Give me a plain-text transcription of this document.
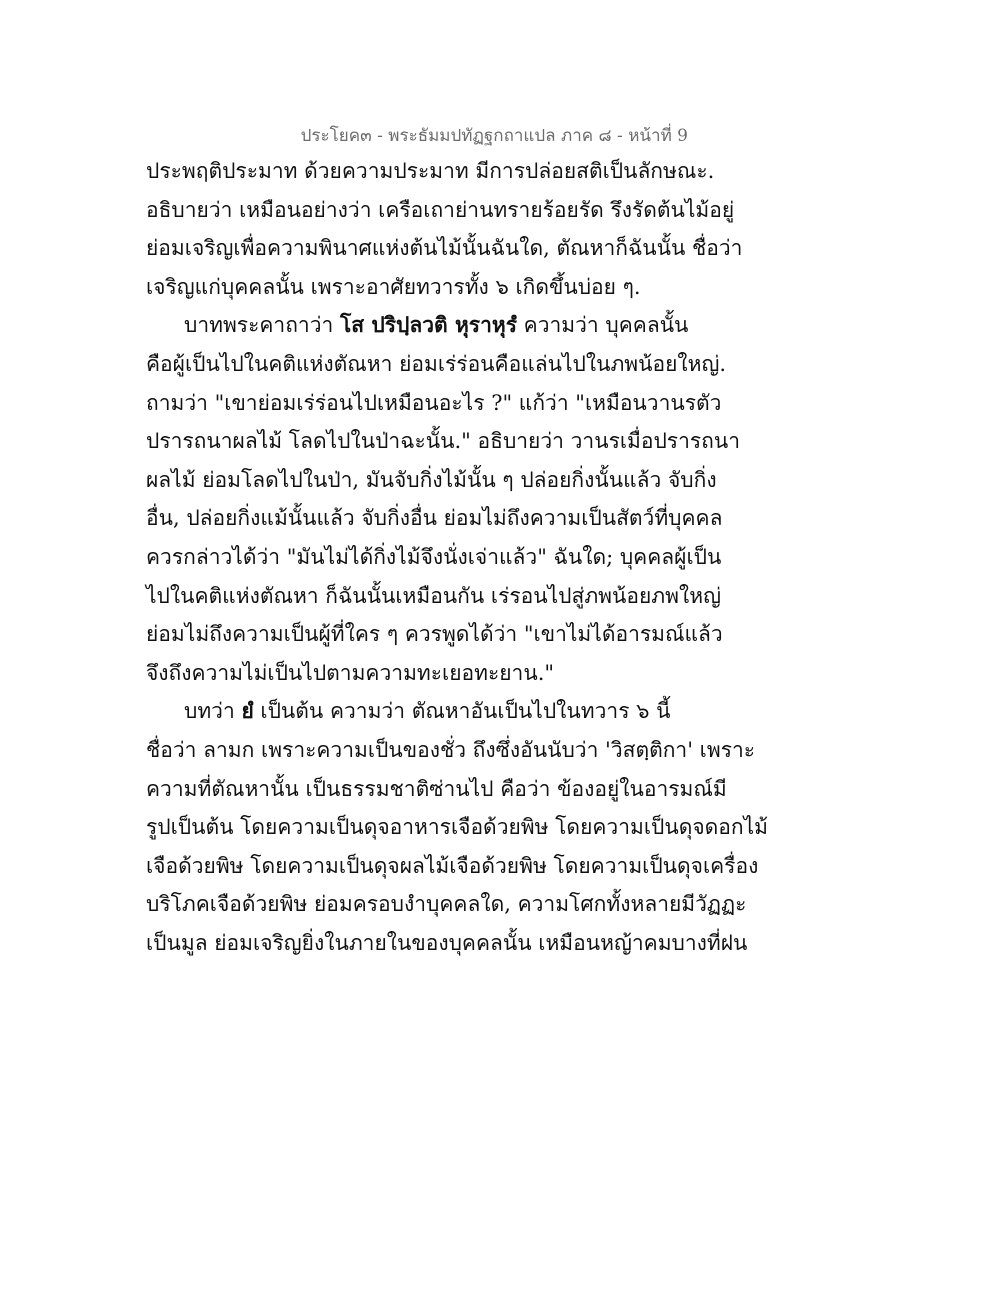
ประโยค๓ - พระธัมมปทัฏฐกถาแปล ภาค ๘ - หน้าที่ 9
ประพฤติประมาท ด้วยความประมาท มีการปล่อยสติเป็นลักษณะ.
อธิบายว่า เหมือนอย่างว่า เครือเถาย่านทรายร้อยรัด รึงรัดต้นไม้อยู่
ย่อมเจริญเพื่อความพินาศแห่งต้นไม้นั้นฉันใด, ตัณหาก็ฉันนั้น ชื่อว่า
เจริญแก่บุคคลนั้น เพราะอาศัยทวารทั้ง ๖ เกิดขึ้นบ่อย ๆ.
บาทพระคาถาว่า โส ปริปฺลวติ หุราหุรํ ความว่า บุคคลนั้น
คือผู้เป็นไปในคติแห่งตัณหา ย่อมเร่ร่อนคือแล่นไปในภพน้อยใหญ่.
ถามว่า "เขาย่อมเร่ร่อนไปเหมือนอะไร ?" แก้ว่า "เหมือนวานรตัว
ปรารถนาผลไม้ โลดไปในป่าฉะนั้น." อธิบายว่า วานรเมื่อปรารถนา
ผลไม้ ย่อมโลดไปในป่า, มันจับกิ่งไม้นั้น ๆ ปล่อยกิ่งนั้นแล้ว จับกิ่ง
อื่น, ปล่อยกิ่งแม้นั้นแล้ว จับกิ่งอื่น ย่อมไม่ถึงความเป็นสัตว์ที่บุคคล
ควรกล่าวได้ว่า "มันไม่ได้กิ่งไม้จึงนั่งเจ่าแล้ว" ฉันใด; บุคคลผู้เป็น
ไปในคติแห่งตัณหา ก็ฉันนั้นเหมือนกัน เร่รอนไปสู่ภพน้อยภพใหญ่
ย่อมไม่ถึงความเป็นผู้ที่ใคร ๆ ควรพูดได้ว่า "เขาไม่ได้อารมณ์แล้ว
จึงถึงความไม่เป็นไปตามความทะเยอทะยาน."
บทว่า ยํ เป็นต้น ความว่า ตัณหาอันเป็นไปในทวาร ๖ นี้
ชื่อว่า ลามก เพราะความเป็นของชั่ว ถึงซึ่งอันนับว่า 'วิสตฺติกา' เพราะ
ความที่ตัณหานั้น เป็นธรรมชาติซ่านไป คือว่า ข้องอยู่ในอารมณ์มี
รูปเป็นต้น โดยความเป็นดุจอาหารเจือด้วยพิษ โดยความเป็นดุจดอกไม้
เจือด้วยพิษ โดยความเป็นดุจผลไม้เจือด้วยพิษ โดยความเป็นดุจเครื่อง
บริโภคเจือด้วยพิษ ย่อมครอบงำบุคคลใด, ความโศกทั้งหลายมีวัฏฏะ
เป็นมูล ย่อมเจริญยิ่งในภายในของบุคคลนั้น เหมือนหญ้าคมบางที่ฝน
